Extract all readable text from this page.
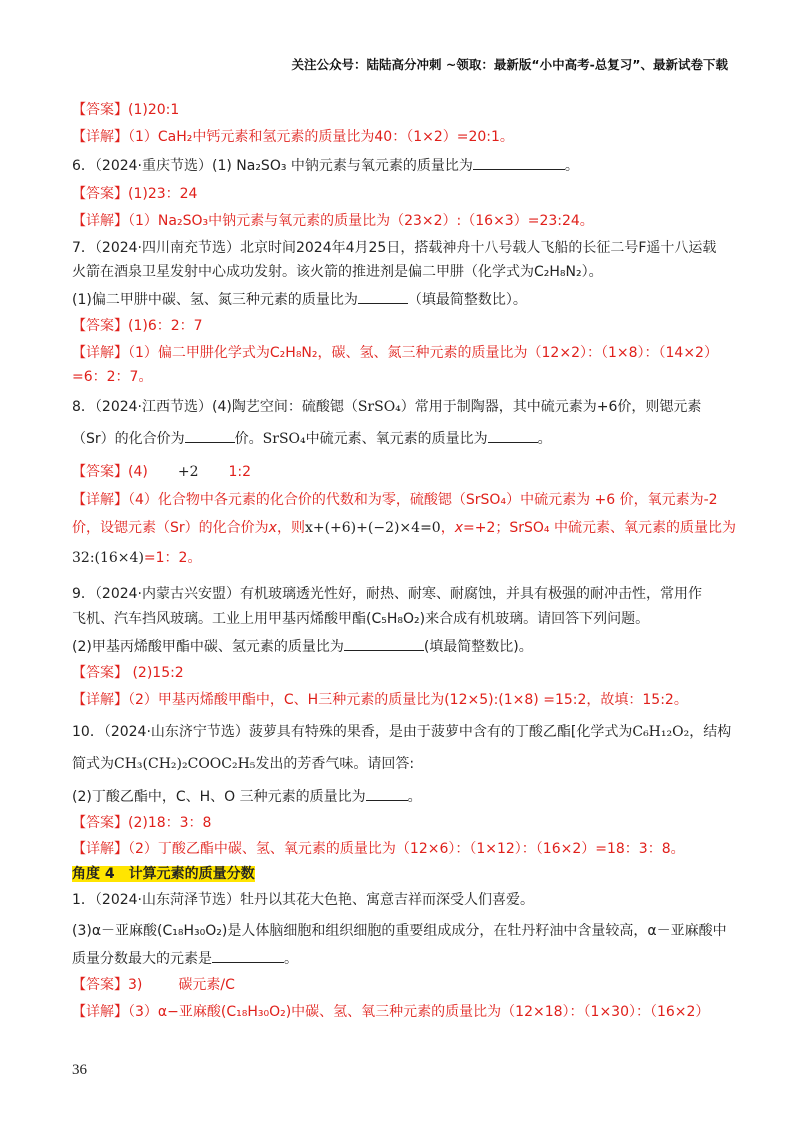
关注公众号：陆陆高分冲刺 ~领取：最新版“小中高考-总复习”、最新试卷下载
【答案】(1)20:1
【详解】（1）CaH₂中钙元素和氢元素的质量比为40：（1×2）=20:1。
6．（2024·重庆节选）(1) Na₂SO₃ 中钠元素与氧元素的质量比为	。
【答案】(1)23：24
【详解】（1）Na₂SO₃中钠元素与氧元素的质量比为（23×2）:（16×3）=23:24。
7．（2024·四川南充节选）北京时间2024年4月25日，搭载神舟十八号载人飞船的长征二号F遥十八运载
火箭在酒泉卫星发射中心成功发射。该火箭的推进剂是偏二甲肼（化学式为C₂H₈N₂）。
(1)偏二甲肼中碳、氢、氮三种元素的质量比为	（填最简整数比）。
【答案】(1)6：2：7
【详解】（1）偏二甲肼化学式为C₂H₈N₂，碳、氢、氮三种元素的质量比为（12×2）：（1×8）：（14×2）
=6：2：7。
8．（2024·江西节选）(4)陶艺空间：硫酸锶（SrSO₄）常用于制陶器，其中硫元素为+6价，则锶元素
（Sr）的化合价为	价。SrSO₄中硫元素、氧元素的质量比为	。
【答案】(4) +2 1:2
【详解】（4）化合物中各元素的化合价的代数和为零，硫酸锶（SrSO₄）中硫元素为 +6 价，氧元素为-2
价，设锶元素（Sr）的化合价为x，则x+(+6)+(−2)×4=0，x=+2；SrSO₄ 中硫元素、氧元素的质量比为
32:(16×4)=1：2。
9．（2024·内蒙古兴安盟）有机玻璃透光性好，耐热、耐寒、耐腐蚀，并具有极强的耐冲击性，常用作
飞机、汽车挡风玻璃。工业上用甲基丙烯酸甲酯(C₅H₈O₂)来合成有机玻璃。请回答下列问题。
(2)甲基丙烯酸甲酯中碳、氢元素的质量比为	(填最简整数比)。
【答案】 (2)15:2
【详解】（2）甲基丙烯酸甲酯中，C、H三种元素的质量比为(12×5):(1×8) =15:2，故填：15:2。
10．（2024·山东济宁节选）菠萝具有特殊的果香，是由于菠萝中含有的丁酸乙酯[化学式为C₆H₁₂O₂，结构
简式为CH₃(CH₂)₂COOC₂H₅发出的芳香气味。请回答:
(2)丁酸乙酯中，C、H、O 三种元素的质量比为	。
【答案】(2)18：3：8
【详解】（2）丁酸乙酯中碳、氢、氧元素的质量比为（12×6）：（1×12）：（16×2）=18：3：8。
角度 4　计算元素的质量分数
1．（2024·山东菏泽节选）牡丹以其花大色艳、寓意吉祥而深受人们喜爱。
(3)α－亚麻酸(C₁₈H₃₀O₂)是人体脑细胞和组织细胞的重要组成成分，在牡丹籽油中含量较高，α－亚麻酸中
质量分数最大的元素是	。
【答案】3)	碳元素/C
【详解】（3）α−亚麻酸(C₁₈H₃₀O₂)中碳、氢、氧三种元素的质量比为（12×18）：（1×30）：（16×2）
36
